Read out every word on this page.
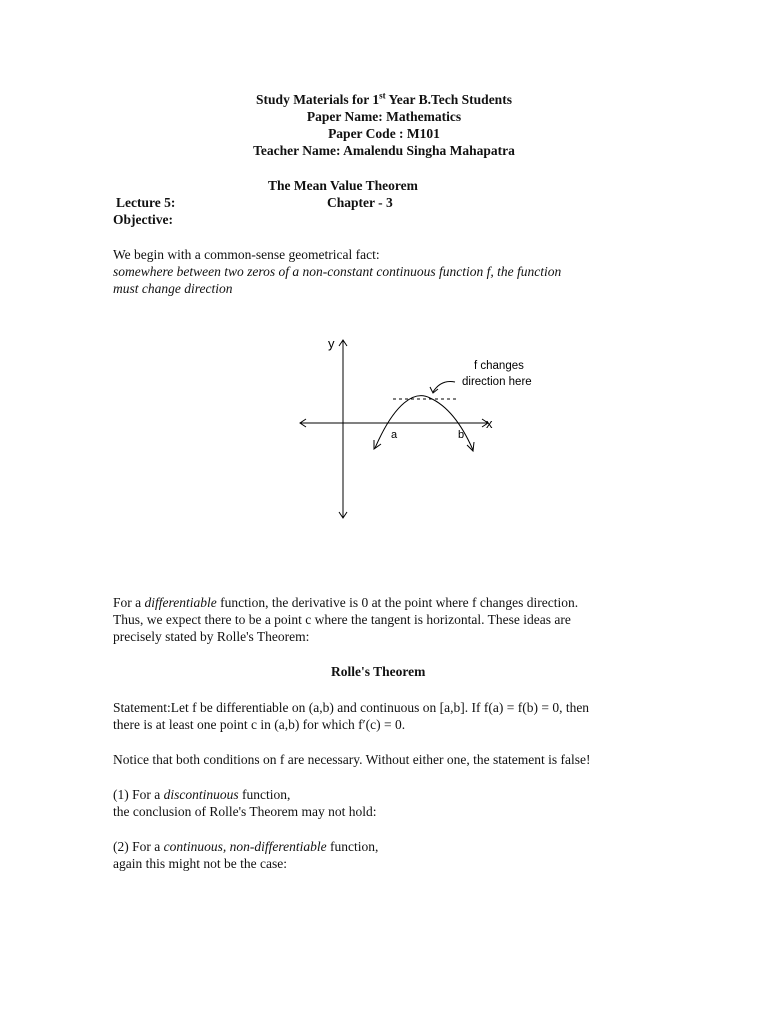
Study Materials for 1st Year B.Tech Students
Paper Name: Mathematics
Paper Code : M101
Teacher Name: Amalendu Singha Mahapatra
The Mean Value Theorem
Lecture 5:	Chapter - 3
Objective:
We begin with a common-sense geometrical fact:
somewhere between two zeros of a non-constant continuous function f, the function
must change direction
y
x
a	b
f changes
direction here
For a differentiable function, the derivative is 0 at the point where f changes direction.
Thus, we expect there to be a point c where the tangent is horizontal. These ideas are
precisely stated by Rolle's Theorem:
Rolle's Theorem
Statement:Let f be differentiable on (a,b) and continuous on [a,b]. If f(a) = f(b) = 0, then
there is at least one point c in (a,b) for which f′(c) = 0.
Notice that both conditions on f are necessary. Without either one, the statement is false!
(1) For a discontinuous function,
the conclusion of Rolle's Theorem may not hold:
(2) For a continuous, non-differentiable function,
again this might not be the case:
